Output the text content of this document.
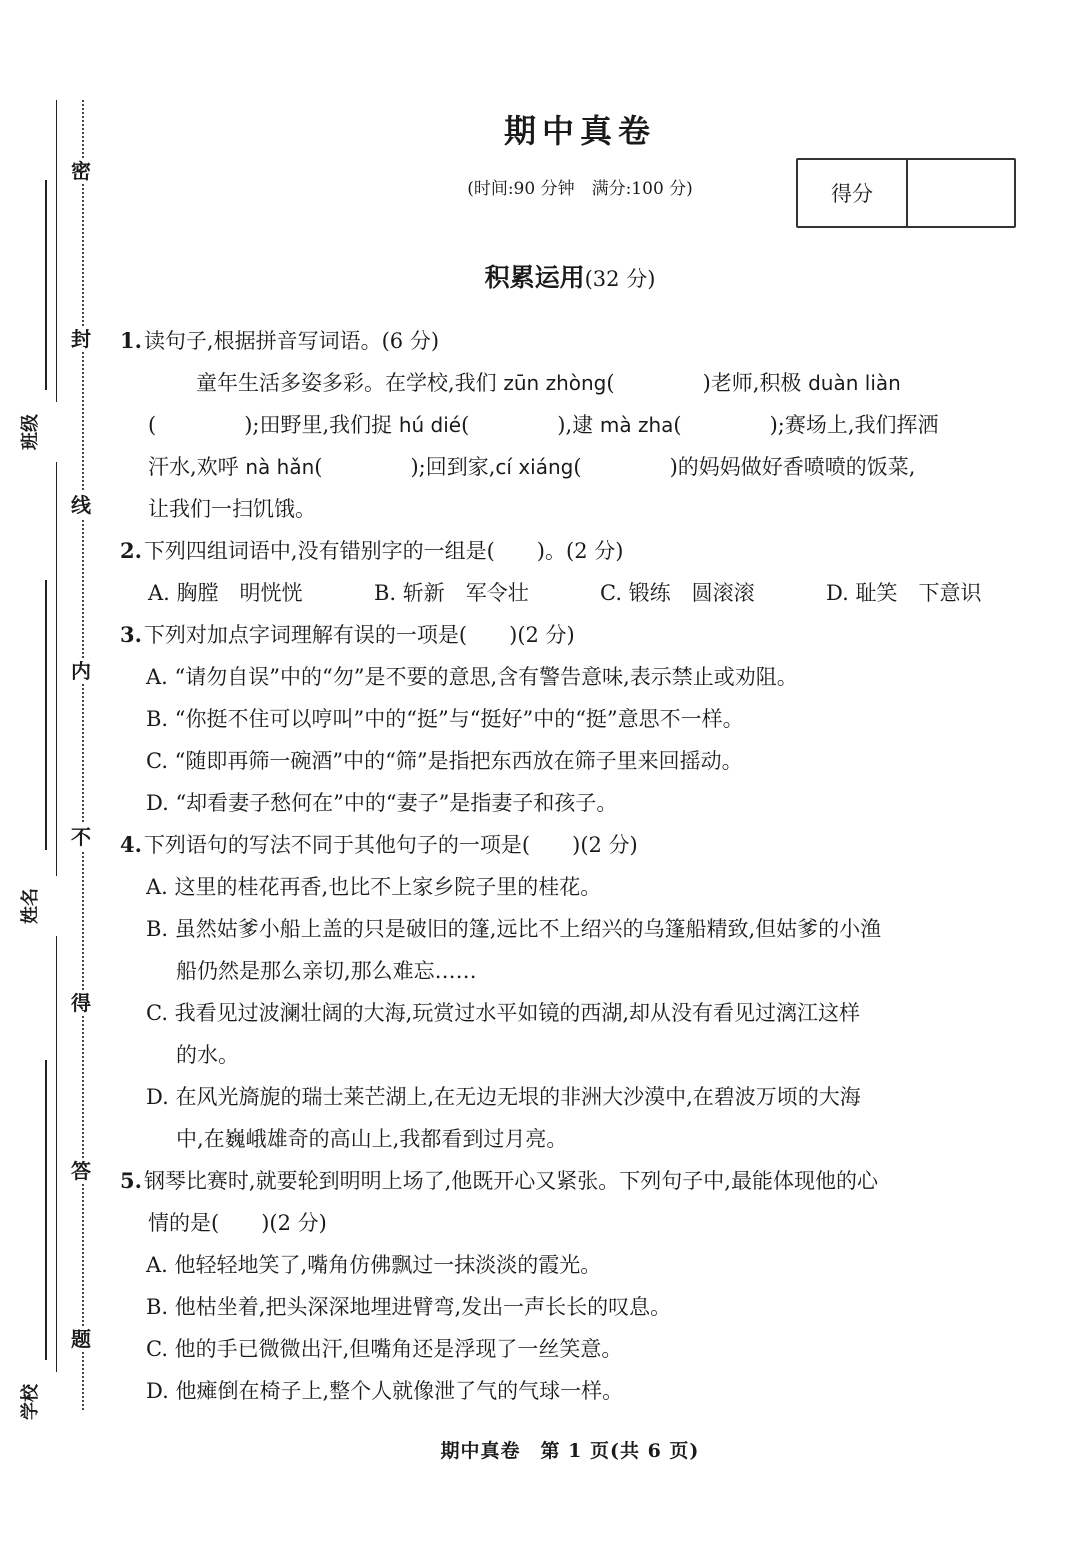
密
封
线
内
不
得
答
题
班级
姓名
学校
期中真卷
(时间:90 分钟　满分:100 分)	得分
积累运用(32 分)
1.读句子,根据拼音写词语。(6 分)
童年生活多姿多彩。在学校,我们 zūn zhòng(	)老师,积极 duàn liàn
(	);田野里,我们捉 hú dié(	),逮 mà zha(	);赛场上,我们挥洒
汗水,欢呼 nà hǎn(	);回到家,cí xiáng(	)的妈妈做好香喷喷的饭菜,
让我们一扫饥饿。
2.下列四组词语中,没有错别字的一组是(　　)。(2 分)
A. 胸膛　明恍恍	B. 斩新　军令壮	C. 锻练　圆滚滚	D. 耻笑　下意识
3.下列对加点字词理解有误的一项是(　　)(2 分)
A. “请勿自误”中的“勿”是不要的意思,含有警告意味,表示禁止或劝阻。
B. “你挺不住可以哼叫”中的“挺”与“挺好”中的“挺”意思不一样。
C. “随即再筛一碗酒”中的“筛”是指把东西放在筛子里来回摇动。
D. “却看妻子愁何在”中的“妻子”是指妻子和孩子。
4.下列语句的写法不同于其他句子的一项是(　　)(2 分)
A. 这里的桂花再香,也比不上家乡院子里的桂花。
B. 虽然姑爹小船上盖的只是破旧的篷,远比不上绍兴的乌篷船精致,但姑爹的小渔
船仍然是那么亲切,那么难忘……
C. 我看见过波澜壮阔的大海,玩赏过水平如镜的西湖,却从没有看见过漓江这样
的水。
D. 在风光旖旎的瑞士莱芒湖上,在无边无垠的非洲大沙漠中,在碧波万顷的大海
中,在巍峨雄奇的高山上,我都看到过月亮。
5.钢琴比赛时,就要轮到明明上场了,他既开心又紧张。下列句子中,最能体现他的心
情的是(　　)(2 分)
A. 他轻轻地笑了,嘴角仿佛飘过一抹淡淡的霞光。
B. 他枯坐着,把头深深地埋进臂弯,发出一声长长的叹息。
C. 他的手已微微出汗,但嘴角还是浮现了一丝笑意。
D. 他瘫倒在椅子上,整个人就像泄了气的气球一样。
期中真卷　第 1 页(共 6 页)
